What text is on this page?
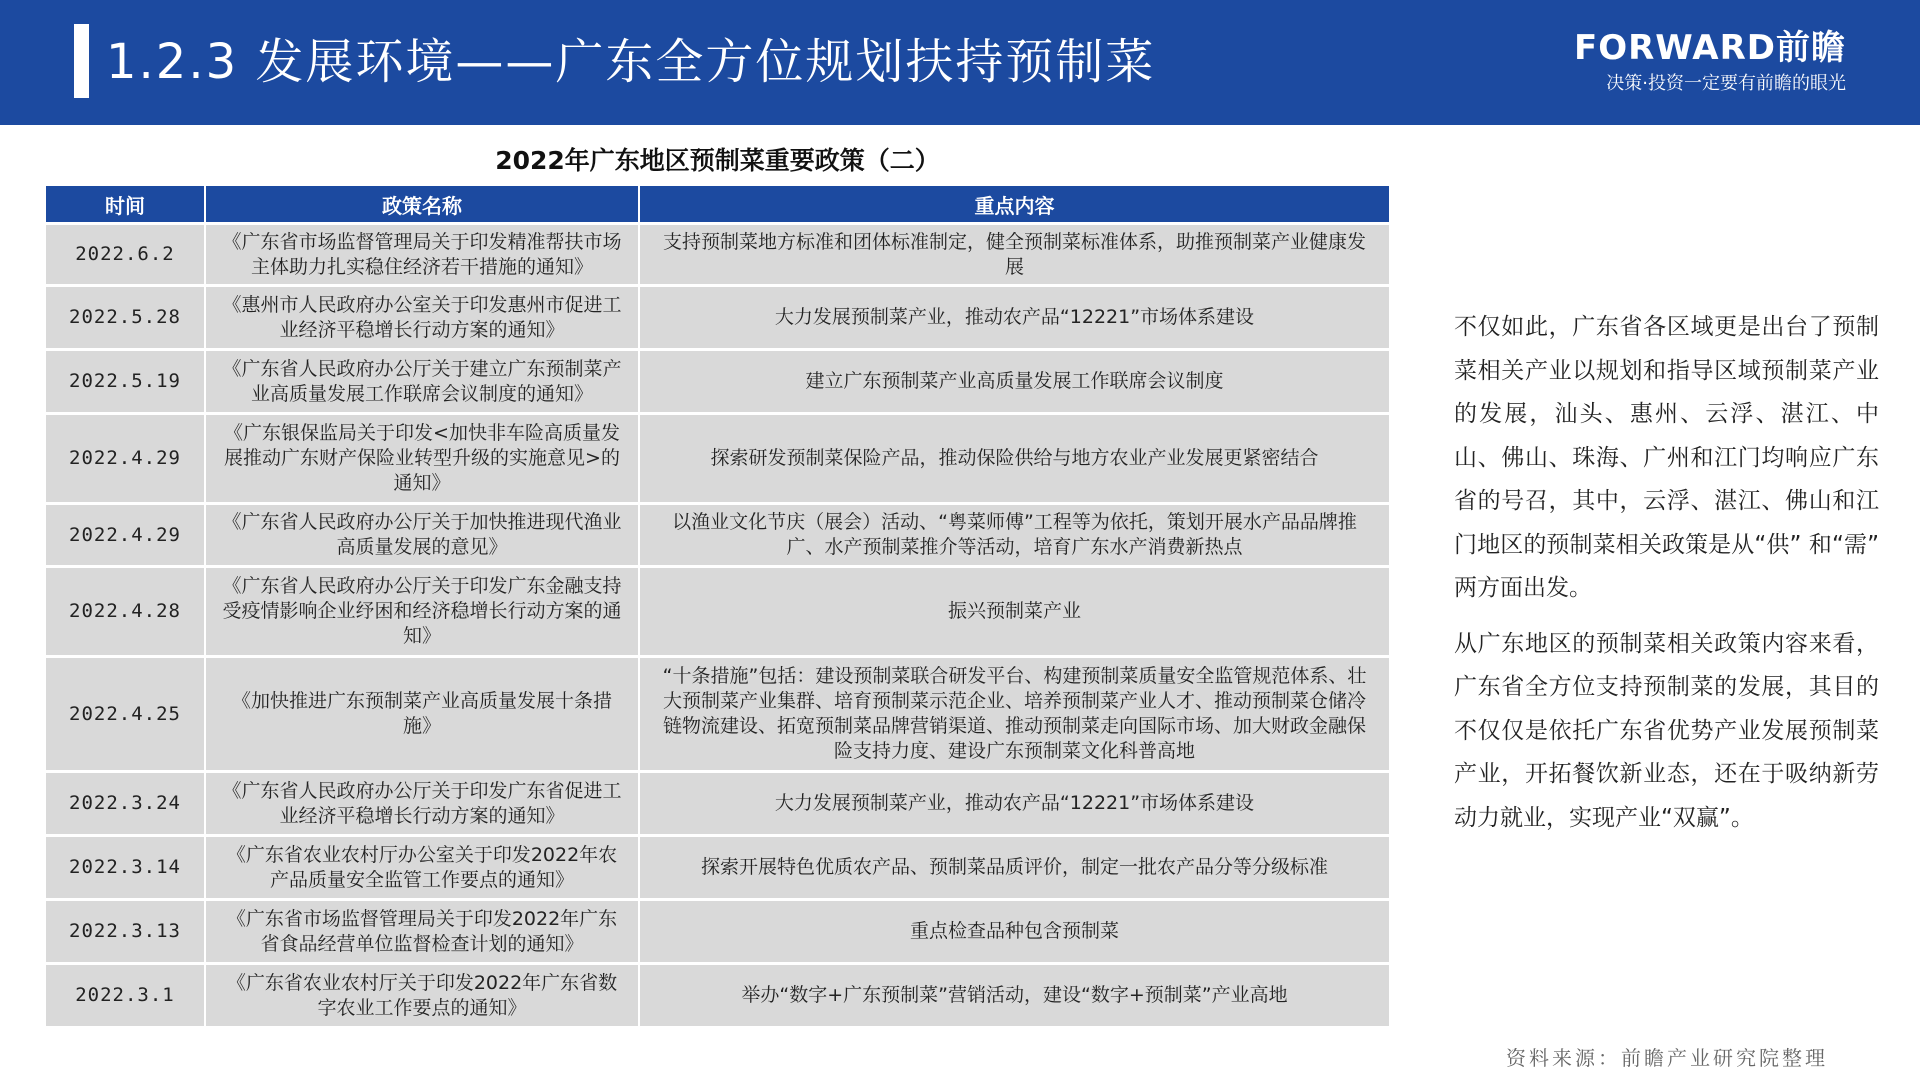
1.2.3 发展环境——广东全方位规划扶持预制菜	FORWARD前瞻
决策·投资一定要有前瞻的眼光
2022年广东地区预制菜重要政策（二）
时间	政策名称	重点内容
2022.6.2	《广东省市场监督管理局关于印发精准帮扶市场主体助力扎实稳住经济若干措施的通知》	支持预制菜地方标准和团体标准制定，健全预制菜标准体系，助推预制菜产业健康发展
2022.5.28	《惠州市人民政府办公室关于印发惠州市促进工业经济平稳增长行动方案的通知》	大力发展预制菜产业，推动农产品“12221”市场体系建设
2022.5.19	《广东省人民政府办公厅关于建立广东预制菜产业高质量发展工作联席会议制度的通知》	建立广东预制菜产业高质量发展工作联席会议制度
2022.4.29	《广东银保监局关于印发<加快非车险高质量发展推动广东财产保险业转型升级的实施意见>的通知》	探索研发预制菜保险产品，推动保险供给与地方农业产业发展更紧密结合
2022.4.29	《广东省人民政府办公厅关于加快推进现代渔业高质量发展的意见》	以渔业文化节庆（展会）活动、“粤菜师傅”工程等为依托，策划开展水产品品牌推广、水产预制菜推介等活动，培育广东水产消费新热点
2022.4.28	《广东省人民政府办公厅关于印发广东金融支持受疫情影响企业纾困和经济稳增长行动方案的通知》	振兴预制菜产业
2022.4.25	《加快推进广东预制菜产业高质量发展十条措施》	“十条措施”包括：建设预制菜联合研发平台、构建预制菜质量安全监管规范体系、壮大预制菜产业集群、培育预制菜示范企业、培养预制菜产业人才、推动预制菜仓储冷链物流建设、拓宽预制菜品牌营销渠道、推动预制菜走向国际市场、加大财政金融保险支持力度、建设广东预制菜文化科普高地
2022.3.24	《广东省人民政府办公厅关于印发广东省促进工业经济平稳增长行动方案的通知》	大力发展预制菜产业，推动农产品“12221”市场体系建设
2022.3.14	《广东省农业农村厅办公室关于印发2022年农产品质量安全监管工作要点的通知》	探索开展特色优质农产品、预制菜品质评价，制定一批农产品分等分级标准
2022.3.13	《广东省市场监督管理局关于印发2022年广东省食品经营单位监督检查计划的通知》	重点检查品种包含预制菜
2022.3.1	《广东省农业农村厅关于印发2022年广东省数字农业工作要点的通知》	举办“数字+广东预制菜”营销活动，建设“数字+预制菜”产业高地

不仅如此，广东省各区域更是出台了预制菜相关产业以规划和指导区域预制菜产业的发展，汕头、惠州、云浮、湛江、中山、佛山、珠海、广州和江门均响应广东省的号召，其中，云浮、湛江、佛山和江门地区的预制菜相关政策是从“供” 和“需” 两方面出发。

从广东地区的预制菜相关政策内容来看，广东省全方位支持预制菜的发展，其目的不仅仅是依托广东省优势产业发展预制菜产业，开拓餐饮新业态，还在于吸纳新劳动力就业，实现产业“双赢”。

资料来源：前瞻产业研究院整理
